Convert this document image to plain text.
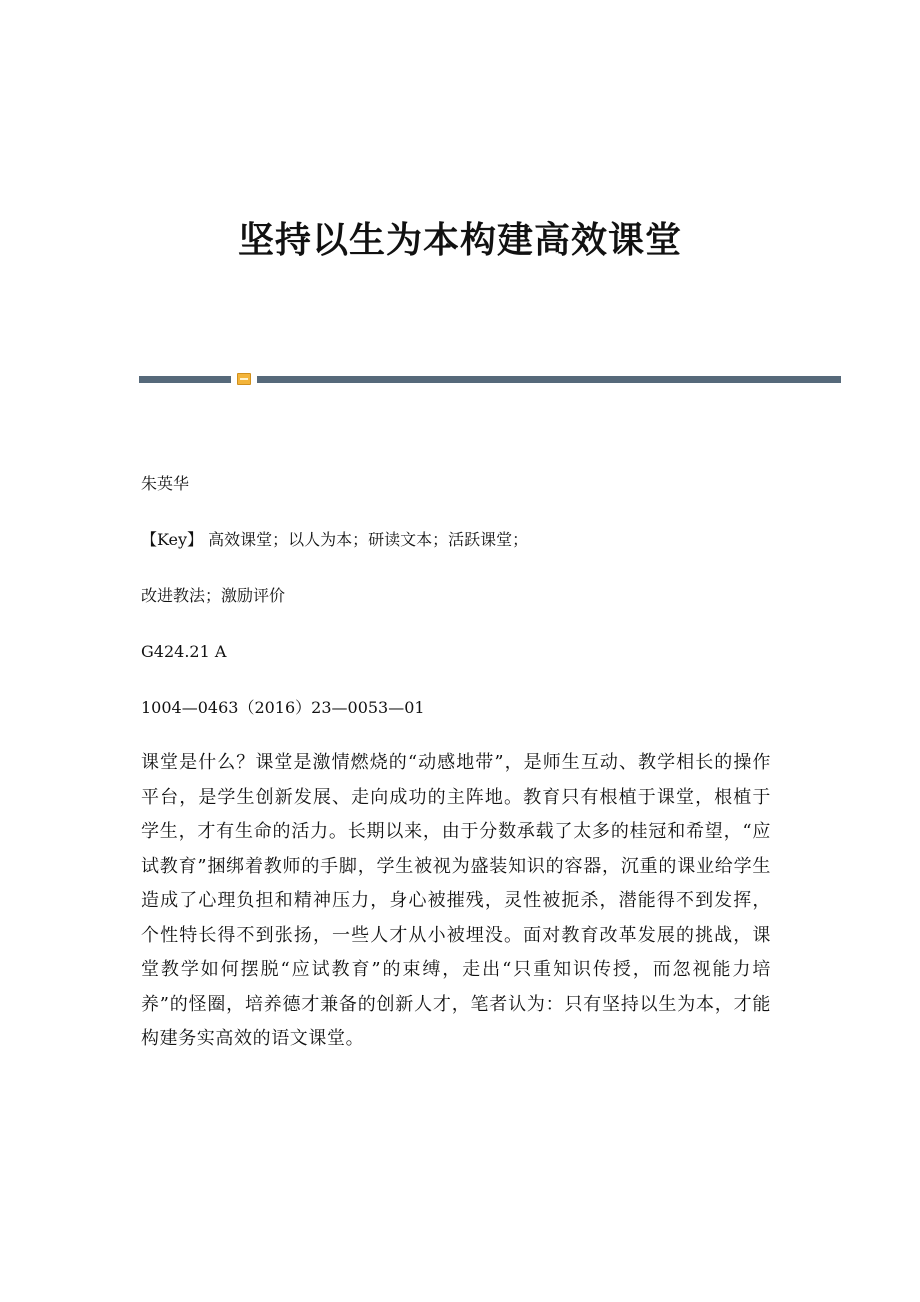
坚持以生为本构建高效课堂

朱英华

【Key】 高效课堂；以人为本；研读文本；活跃课堂；

改进教法；激励评价

G424.21 A

1004—0463（2016）23—0053—01

课堂是什么？课堂是激情燃烧的“动感地带”，是师生互动、教学相长的操作平台，是学生创新发展、走向成功的主阵地。教育只有根植于课堂，根植于学生，才有生命的活力。长期以来，由于分数承载了太多的桂冠和希望，“应试教育”捆绑着教师的手脚，学生被视为盛装知识的容器，沉重的课业给学生造成了心理负担和精神压力，身心被摧残，灵性被扼杀，潜能得不到发挥，个性特长得不到张扬，一些人才从小被埋没。面对教育改革发展的挑战，课堂教学如何摆脱“应试教育”的束缚，走出“只重知识传授，而忽视能力培养”的怪圈，培养德才兼备的创新人才，笔者认为：只有坚持以生为本，才能构建务实高效的语文课堂。
